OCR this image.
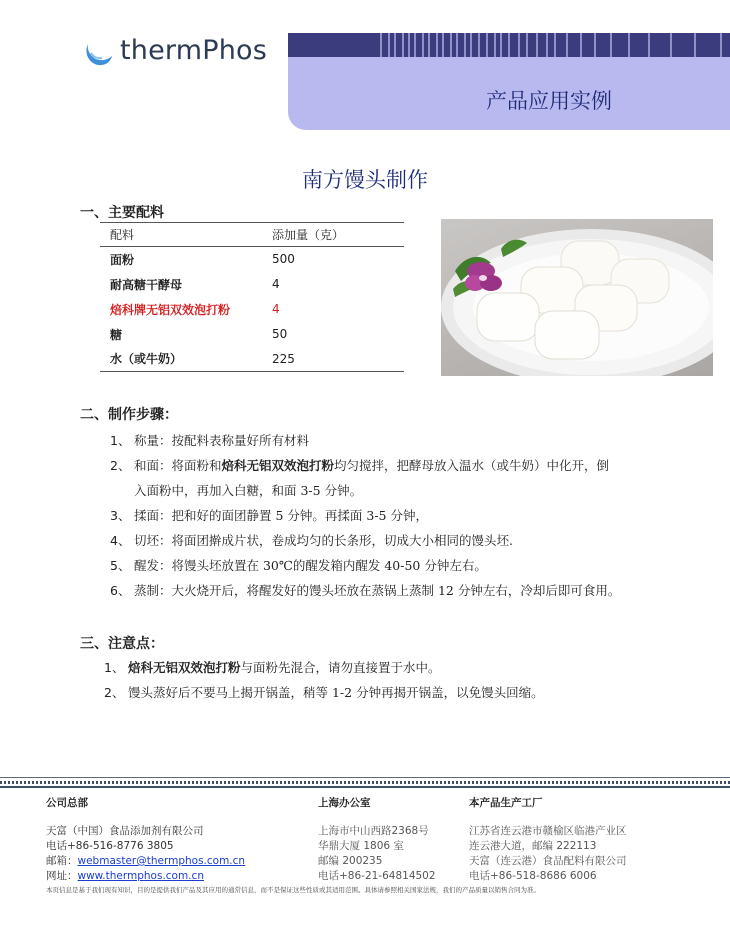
thermPhos
产品应用实例
南方馒头制作
一、主要配料
配料	添加量（克）
面粉	500
耐高糖干酵母	4
焙科牌无铝双效泡打粉	4
糖	50
水（或牛奶）	225
二、制作步骤：
1、 称量：按配料表称量好所有材料
2、 和面：将面粉和焙科无铝双效泡打粉均匀搅拌，把酵母放入温水（或牛奶）中化开，倒
入面粉中，再加入白糖，和面 3-5 分钟。
3、 揉面：把和好的面团静置 5 分钟。再揉面 3-5 分钟，
4、 切坯：将面团擀成片状，卷成均匀的长条形，切成大小相同的馒头坯.
5、 醒发：将馒头坯放置在 30℃的醒发箱内醒发 40-50 分钟左右。
6、 蒸制：大火烧开后，将醒发好的馒头坯放在蒸锅上蒸制 12 分钟左右，冷却后即可食用。
三、注意点：
1、 焙科无铝双效泡打粉与面粉先混合，请勿直接置于水中。
2、 馒头蒸好后不要马上揭开锅盖，稍等 1-2 分钟再揭开锅盖，以免馒头回缩。
公司总部
天富（中国）食品添加剂有限公司
电话+86-516-8776 3805
邮箱：webmaster@thermphos.com.cn
网址：www.thermphos.com.cn
上海办公室
上海市中山西路2368号
华鼎大厦 1806 室
邮编 200235
电话+86-21-64814502
本产品生产工厂
江苏省连云港市赣榆区临港产业区
连云港大道，邮编 222113
天富（连云港）食品配料有限公司
电话+86-518-8686 6006
本页信息是基于我们现有知识，目的是提供我们产品及其应用的通常信息，而不是保证这些性质或其适用范围。具体请参照相关国家法规，我们的产品质量以销售合同为准。
